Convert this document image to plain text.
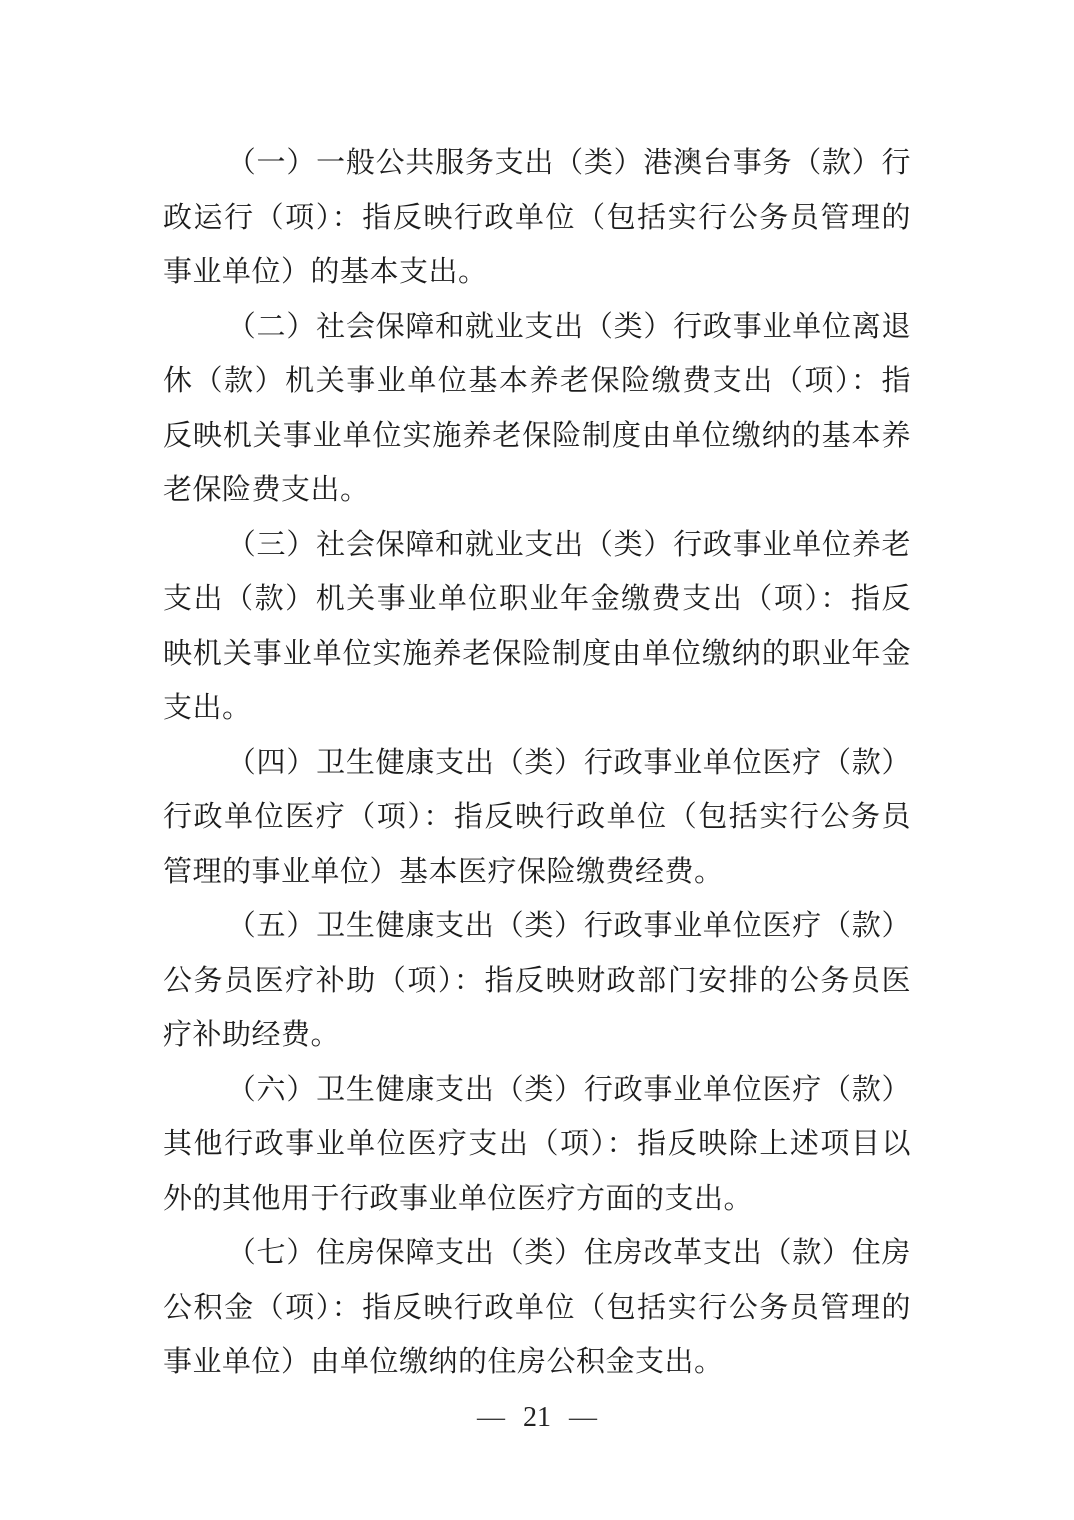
（一）一般公共服务支出（类）港澳台事务（款）行政运行（项）：指反映行政单位（包括实行公务员管理的事业单位）的基本支出。

（二）社会保障和就业支出（类）行政事业单位离退休（款）机关事业单位基本养老保险缴费支出（项）：指反映机关事业单位实施养老保险制度由单位缴纳的基本养老保险费支出。

（三）社会保障和就业支出（类）行政事业单位养老支出（款）机关事业单位职业年金缴费支出（项）：指反映机关事业单位实施养老保险制度由单位缴纳的职业年金支出。

（四）卫生健康支出（类）行政事业单位医疗（款）行政单位医疗（项）：指反映行政单位（包括实行公务员管理的事业单位）基本医疗保险缴费经费。

（五）卫生健康支出（类）行政事业单位医疗（款）公务员医疗补助（项）：指反映财政部门安排的公务员医疗补助经费。

（六）卫生健康支出（类）行政事业单位医疗（款）其他行政事业单位医疗支出（项）：指反映除上述项目以外的其他用于行政事业单位医疗方面的支出。

（七）住房保障支出（类）住房改革支出（款）住房公积金（项）：指反映行政单位（包括实行公务员管理的事业单位）由单位缴纳的住房公积金支出。

— 21 —
